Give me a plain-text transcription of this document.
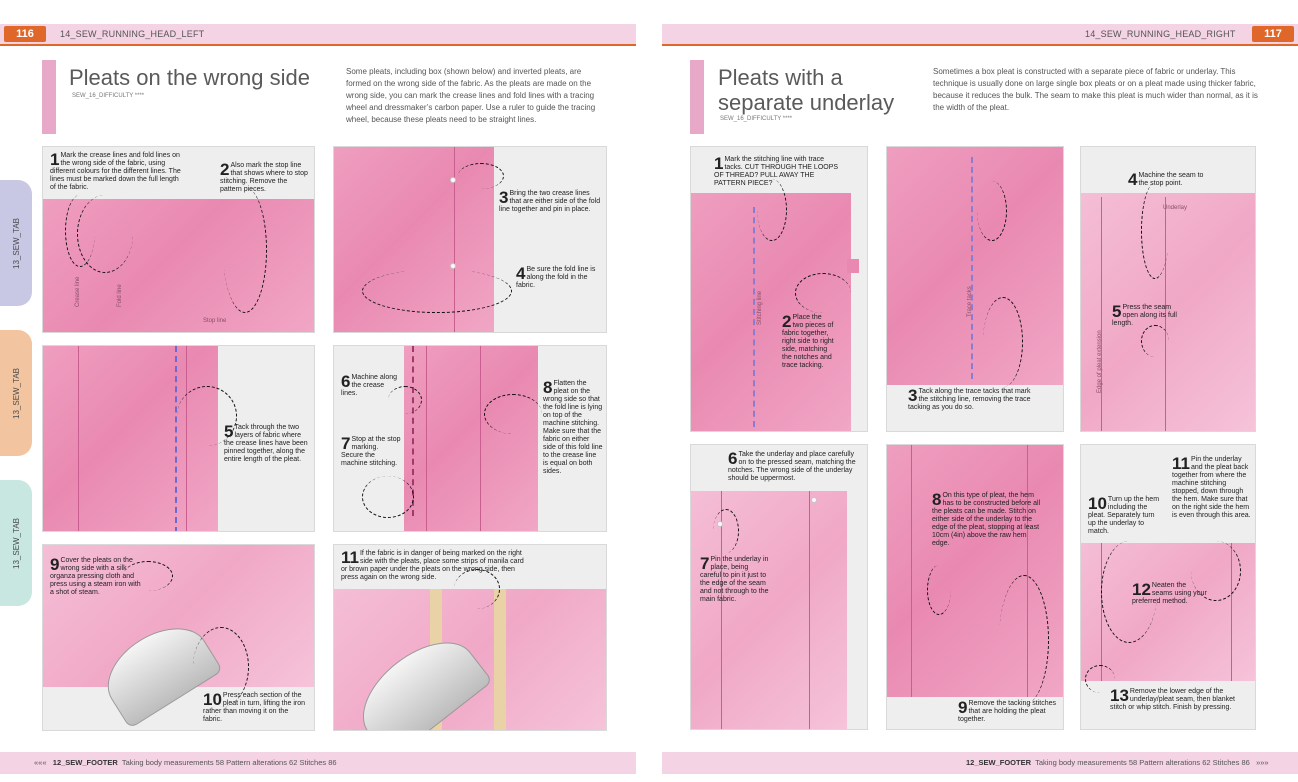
116	117
14_SEW_RUNNING_HEAD_LEFT	14_SEW_RUNNING_HEAD_RIGHT
13_SEW_TAB
13_SEW_TAB
13_SEW_TAB
Pleats on the wrong side
SEW_16_DIFFICULTY ****
Some pleats, including box (shown below) and inverted pleats, are formed on the wrong side of the fabric. As the pleats are made on the wrong side, you can mark the crease lines and fold lines with a tracing wheel and dressmaker’s carbon paper. Use a ruler to guide the tracing wheel, because these pleats need to be straight lines.
Pleats with a
separate underlay
SEW_16_DIFFICULTY ****
Sometimes a box pleat is constructed with a separate piece of fabric or underlay. This technique is usually done on large single box pleats or on a pleat made using thicker fabric, because it reduces the bulk. The seam to make this pleat is much wider than normal, as it is the width of the pleat.
Crease line	Fold line
Stop line
1 Mark the crease lines and fold lines on the wrong side of the fabric, using different colours for the different lines. The lines must be marked down the full length of the fabric.
2 Also mark the stop line that shows where to stop stitching. Remove the pattern pieces.	3 Bring the two crease lines that are either side of the fold line together and pin in place.
4 Be sure the fold line is along the fold in the fabric.
5 Tack through the two layers of fabric where the crease lines have been pinned together, along the entire length of the pleat.
6 Machine along the crease lines.
7 Stop at the stop marking. Secure the machine stitching.
8 Flatten the pleat on the wrong side so that the fold line is lying on top of the machine stitching. Make sure that the fabric on either side of this fold line to the crease line is equal on both sides.
9 Cover the pleats on the wrong side with a silk organza pressing cloth and press using a steam iron with a shot of steam.
10 Press each section of the pleat in turn, lifting the iron rather than moving it on the fabric.
11 If the fabric is in danger of being marked on the right side with the pleats, place some strips of manila card or brown paper under the pleats on the wrong side, then press again on the wrong side.
Stitching line
1 Mark the stitching line with trace tacks. CUT THROUGH THE LOOPS OF THREAD? PULL AWAY THE PATTERN PIECE?
2 Place the two pieces of fabric together, right side to right side, matching the notches and trace tacking.
Trace tacks
3 Tack along the trace tacks that mark the stitching line, removing the trace tacking as you do so.
Underlay
Edge of pleat extension
4 Machine the seam to the stop point.
5 Press the seam open along its full length.
6 Take the underlay and place carefully on to the pressed seam, matching the notches. The wrong side of the underlay should be uppermost.
7 Pin the underlay in place, being careful to pin it just to the edge of the seam and not through to the main fabric.
8 On this type of pleat, the hem has to be constructed before all the pleats can be made. Stitch on either side of the underlay to the edge of the pleat, stopping at least 10cm (4in) above the raw hem edge.
9 Remove the tacking stitches that are holding the pleat together.
11 Pin the underlay and the pleat back together from where the machine stitching stopped, down through the hem. Make sure that on the right side the hem is even through this area.
10 Turn up the hem including the pleat. Separately turn up the underlay to match.
12 Neaten the seams using your preferred method.
13 Remove the lower edge of the underlay/pleat seam, then blanket stitch or whip stitch. Finish by pressing.
««« 12_SEW_FOOTER Taking body measurements 58 Pattern alterations 62 Stitches 86	12_SEW_FOOTER Taking body measurements 58 Pattern alterations 62 Stitches 86 »»»
